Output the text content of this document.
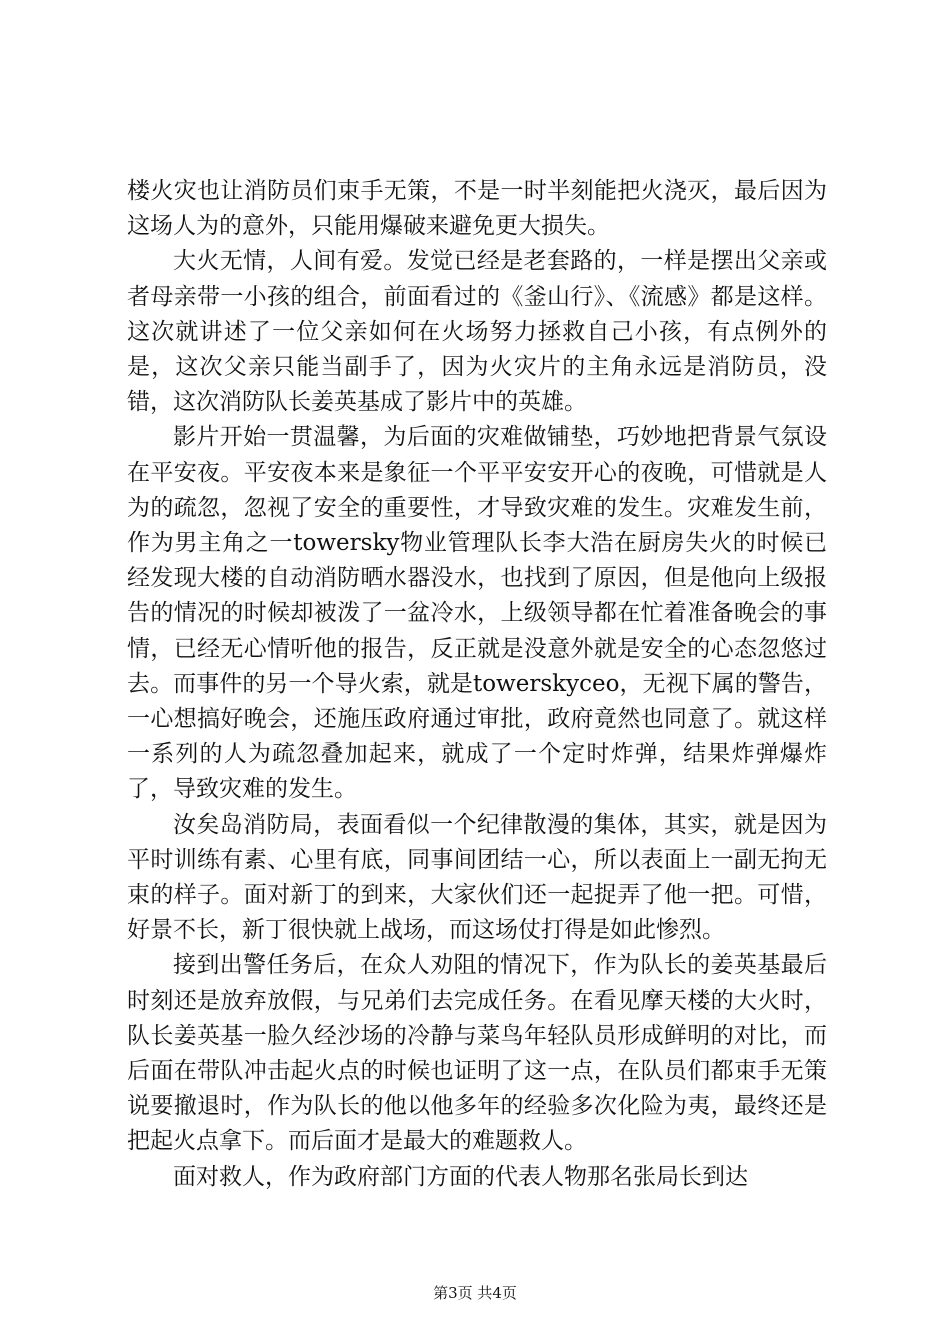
楼火灾也让消防员们束手无策，不是一时半刻能把火浇灭，最后因为这场人为的意外，只能用爆破来避免更大损失。

大火无情，人间有爱。发觉已经是老套路的，一样是摆出父亲或者母亲带一小孩的组合，前面看过的《釜山行》、《流感》都是这样。这次就讲述了一位父亲如何在火场努力拯救自己小孩，有点例外的是，这次父亲只能当副手了，因为火灾片的主角永远是消防员，没错，这次消防队长姜英基成了影片中的英雄。

影片开始一贯温馨，为后面的灾难做铺垫，巧妙地把背景气氛设在平安夜。平安夜本来是象征一个平平安安开心的夜晚，可惜就是人为的疏忽，忽视了安全的重要性，才导致灾难的发生。灾难发生前，作为男主角之一towersky物业管理队长李大浩在厨房失火的时候已经发现大楼的自动消防晒水器没水，也找到了原因，但是他向上级报告的情况的时候却被泼了一盆冷水，上级领导都在忙着准备晚会的事情，已经无心情听他的报告，反正就是没意外就是安全的心态忽悠过去。而事件的另一个导火索，就是towerskyceo，无视下属的警告，一心想搞好晚会，还施压政府通过审批，政府竟然也同意了。就这样一系列的人为疏忽叠加起来，就成了一个定时炸弹，结果炸弹爆炸了，导致灾难的发生。

汝矣岛消防局，表面看似一个纪律散漫的集体，其实，就是因为平时训练有素、心里有底，同事间团结一心，所以表面上一副无拘无束的样子。面对新丁的到来，大家伙们还一起捉弄了他一把。可惜，好景不长，新丁很快就上战场，而这场仗打得是如此惨烈。

接到出警任务后，在众人劝阻的情况下，作为队长的姜英基最后时刻还是放弃放假，与兄弟们去完成任务。在看见摩天楼的大火时，队长姜英基一脸久经沙场的冷静与菜鸟年轻队员形成鲜明的对比，而后面在带队冲击起火点的时候也证明了这一点，在队员们都束手无策说要撤退时，作为队长的他以他多年的经验多次化险为夷，最终还是把起火点拿下。而后面才是最大的难题救人。

面对救人，作为政府部门方面的代表人物那名张局长到达

第3页 共4页
